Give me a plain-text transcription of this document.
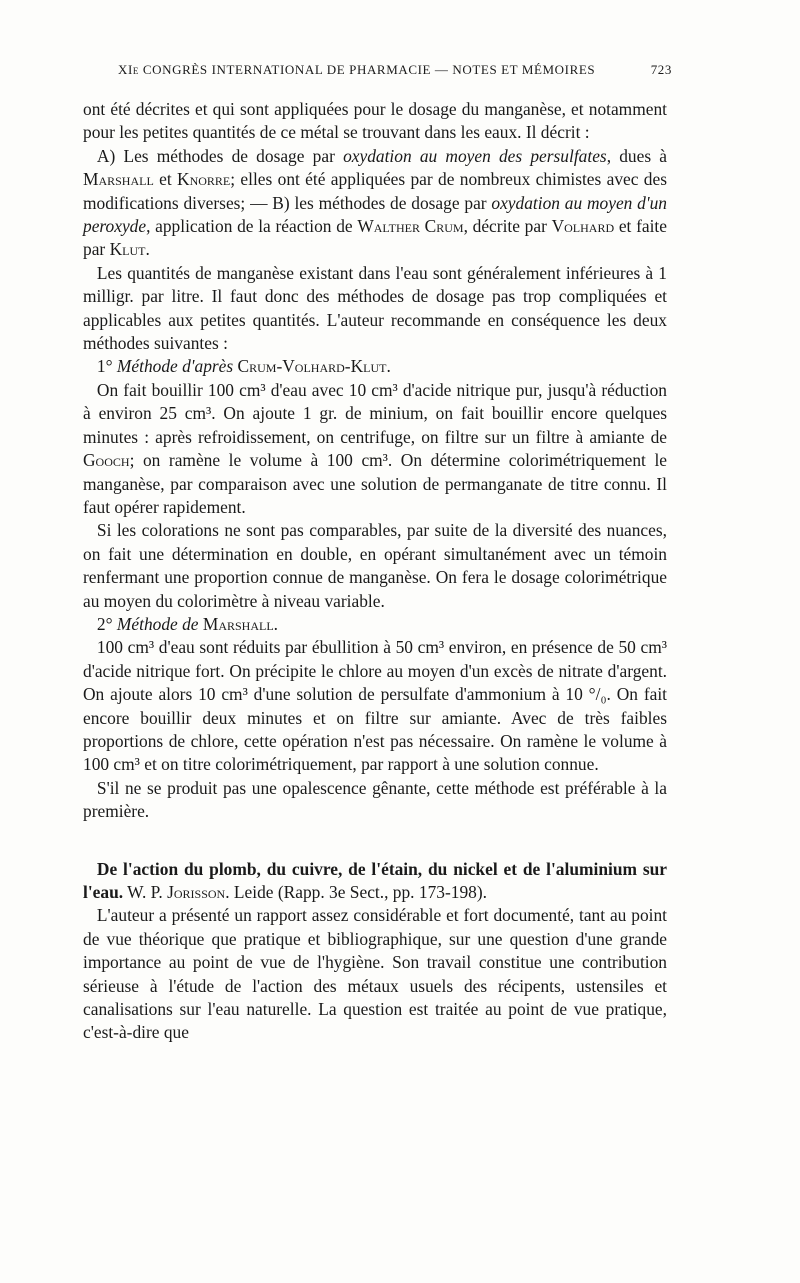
XIe CONGRÈS INTERNATIONAL DE PHARMACIE — NOTES ET MÉMOIRES	723

ont été décrites et qui sont appliquées pour le dosage du manganèse, et notamment pour les petites quantités de ce métal se trouvant dans les eaux. Il décrit :

A) Les méthodes de dosage par oxydation au moyen des persulfates, dues à Marshall et Knorre; elles ont été appliquées par de nombreux chimistes avec des modifications diverses; — B) les méthodes de dosage par oxydation au moyen d'un peroxyde, application de la réaction de Walther Crum, décrite par Volhard et faite par Klut.

Les quantités de manganèse existant dans l'eau sont généralement inférieures à 1 milligr. par litre. Il faut donc des méthodes de dosage pas trop compliquées et applicables aux petites quantités. L'auteur recommande en conséquence les deux méthodes suivantes :

1° Méthode d'après Crum-Volhard-Klut.

On fait bouillir 100 cm³ d'eau avec 10 cm³ d'acide nitrique pur, jusqu'à réduction à environ 25 cm³. On ajoute 1 gr. de minium, on fait bouillir encore quelques minutes : après refroidissement, on centrifuge, on filtre sur un filtre à amiante de Gooch; on ramène le volume à 100 cm³. On détermine colorimétriquement le manganèse, par comparaison avec une solution de permanganate de titre connu. Il faut opérer rapidement.

Si les colorations ne sont pas comparables, par suite de la diversité des nuances, on fait une détermination en double, en opérant simultanément avec un témoin renfermant une proportion connue de manganèse. On fera le dosage colorimétrique au moyen du colorimètre à niveau variable.

2° Méthode de Marshall.

100 cm³ d'eau sont réduits par ébullition à 50 cm³ environ, en présence de 50 cm³ d'acide nitrique fort. On précipite le chlore au moyen d'un excès de nitrate d'argent. On ajoute alors 10 cm³ d'une solution de persulfate d'ammonium à 10 °/₀. On fait encore bouillir deux minutes et on filtre sur amiante. Avec de très faibles proportions de chlore, cette opération n'est pas nécessaire. On ramène le volume à 100 cm³ et on titre colorimétriquement, par rapport à une solution connue.

S'il ne se produit pas une opalescence gênante, cette méthode est préférable à la première.

De l'action du plomb, du cuivre, de l'étain, du nickel et de l'aluminium sur l'eau. W. P. Jorisson. Leide (Rapp. 3e Sect., pp. 173-198).

L'auteur a présenté un rapport assez considérable et fort documenté, tant au point de vue théorique que pratique et bibliographique, sur une question d'une grande importance au point de vue de l'hygiène. Son travail constitue une contribution sérieuse à l'étude de l'action des métaux usuels des récipents, ustensiles et canalisations sur l'eau naturelle. La question est traitée au point de vue pratique, c'est-à-dire que
